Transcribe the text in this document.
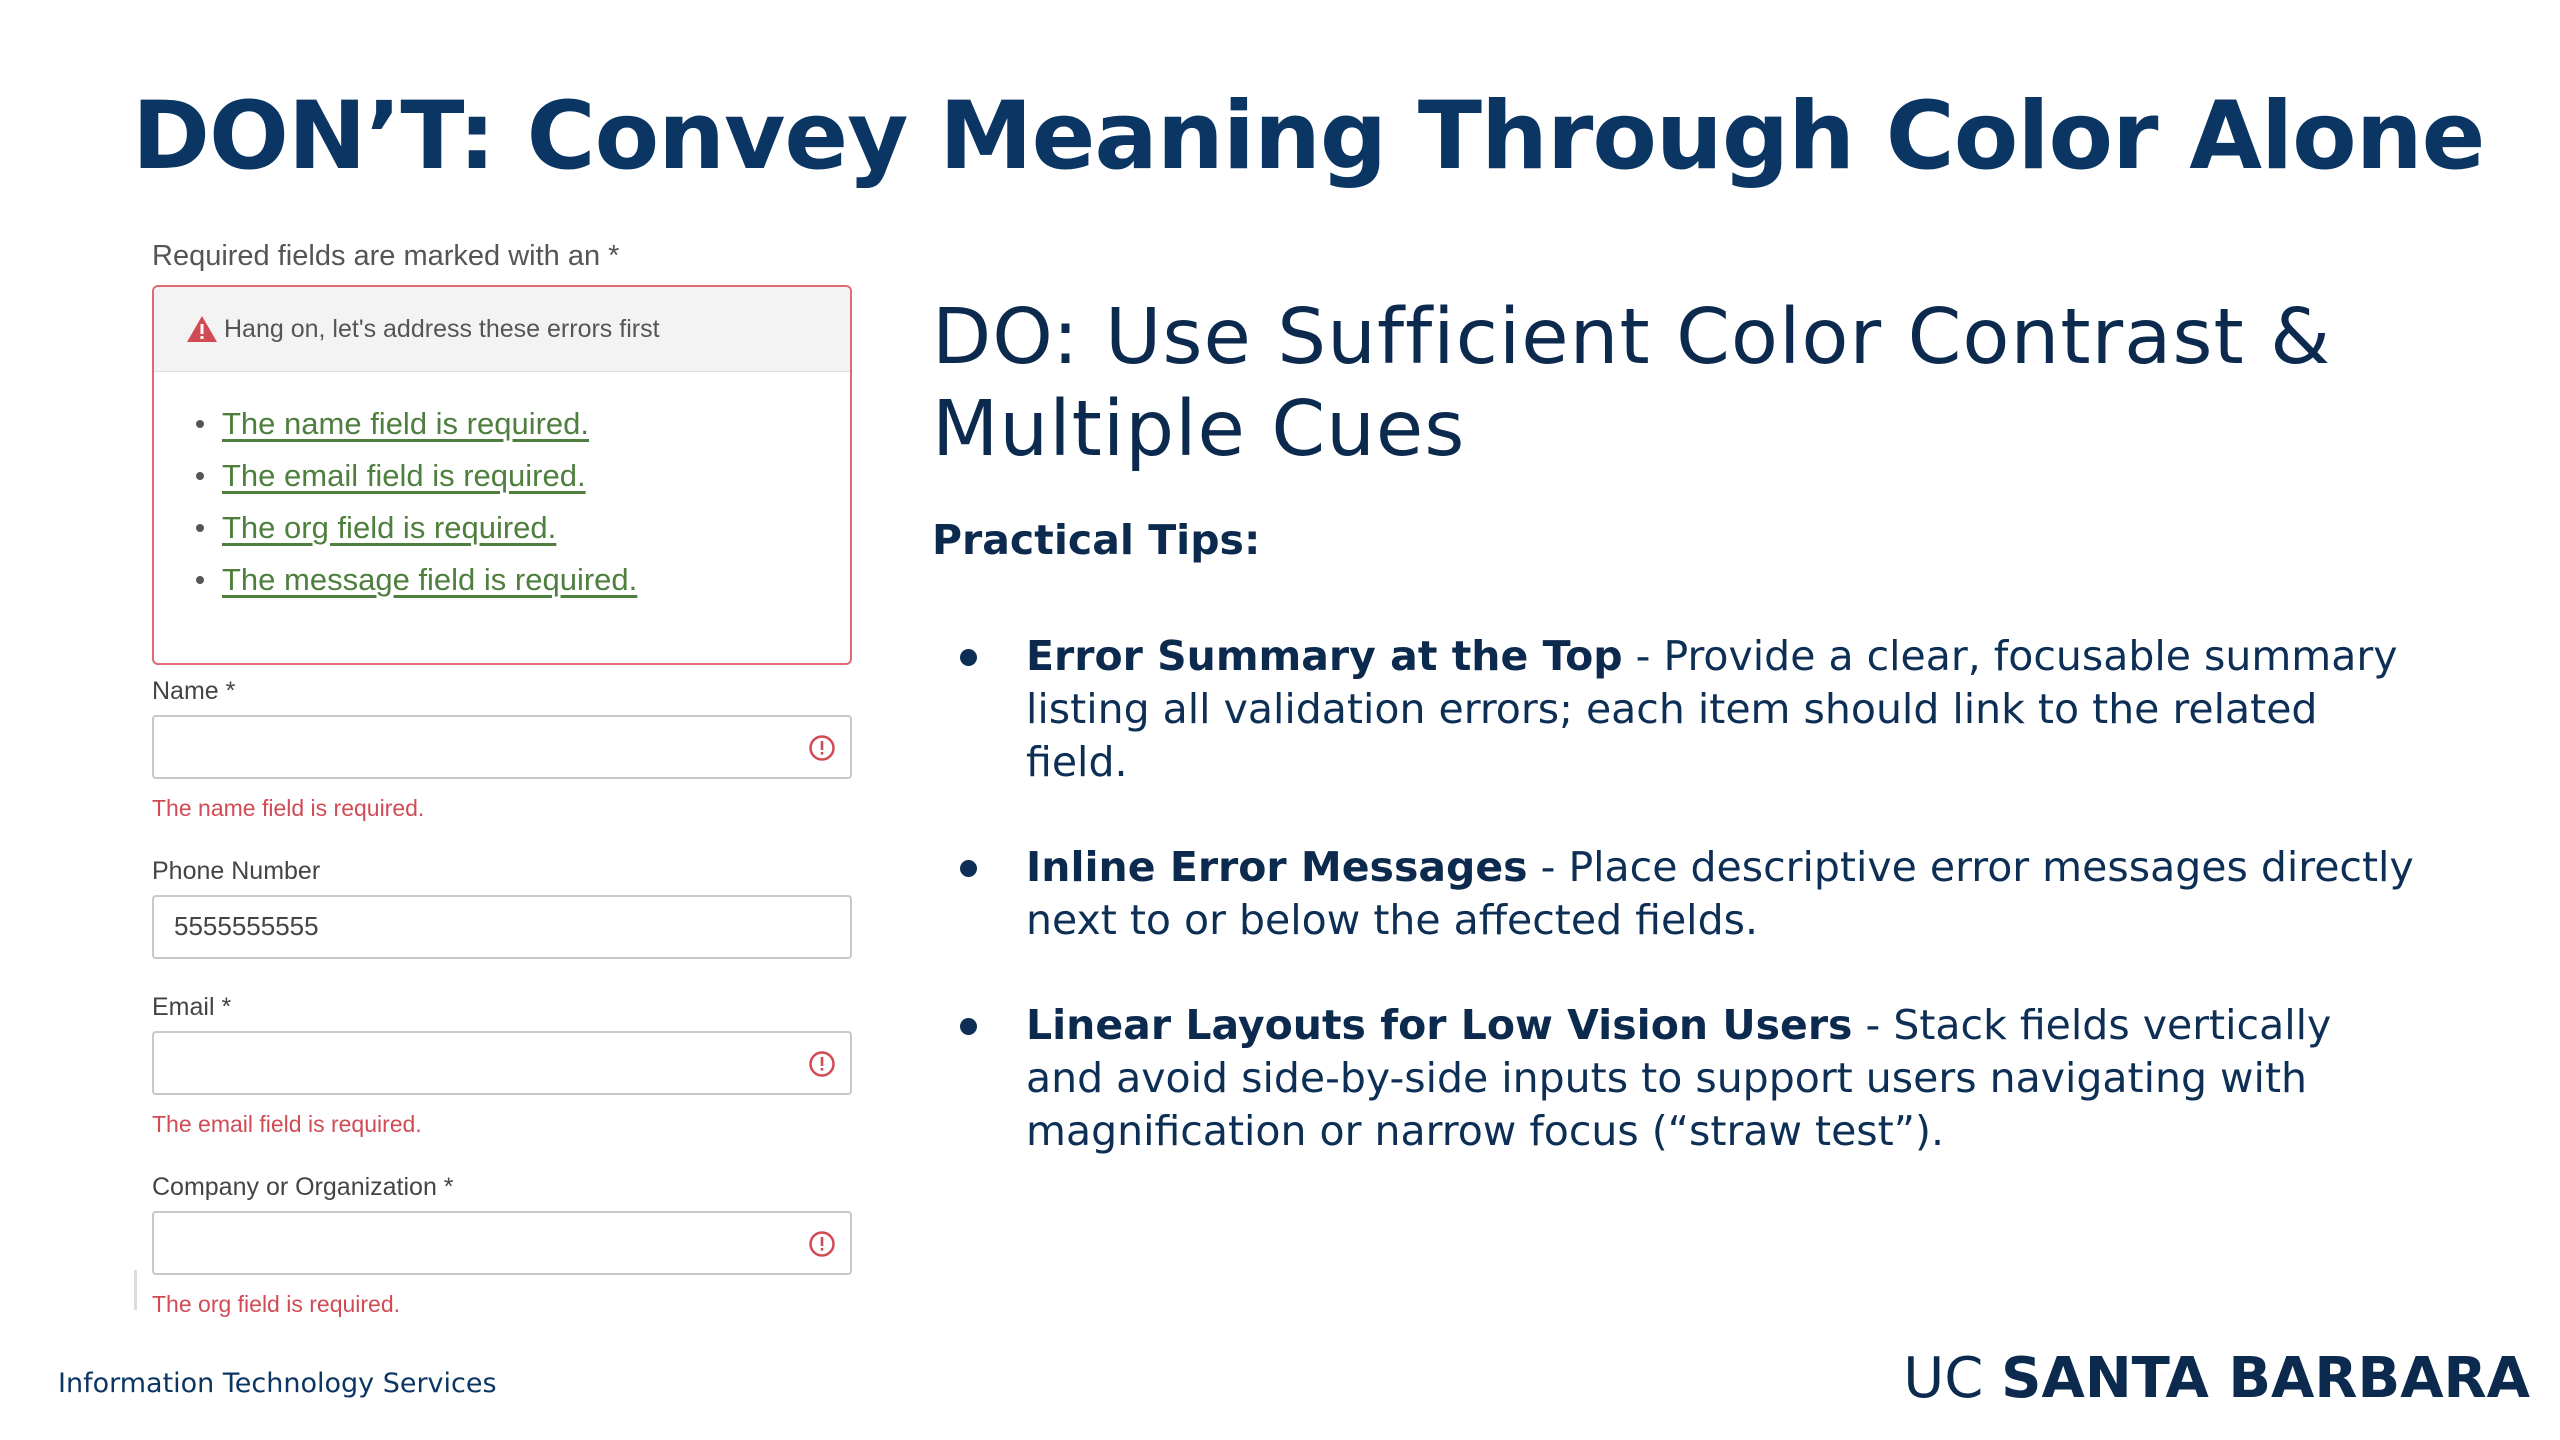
DON’T: Convey Meaning Through Color Alone
Required fields are marked with an *
Hang on, let's address these errors first
The name field is required.
The email field is required.
The org field is required.
The message field is required.
Name *
The name field is required.
Phone Number
5555555555
Email *
The email field is required.
Company or Organization *
The org field is required.
DO: Use Sufficient Color Contrast & Multiple Cues
Practical Tips:
Error Summary at the Top - Provide a clear, focusable summary listing all validation errors; each item should link to the related field.
Inline Error Messages - Place descriptive error messages directly next to or below the affected fields.
Linear Layouts for Low Vision Users - Stack fields vertically and avoid side-by-side inputs to support users navigating with magnification or narrow focus (“straw test”).
Information Technology Services	UC SANTA BARBARA
